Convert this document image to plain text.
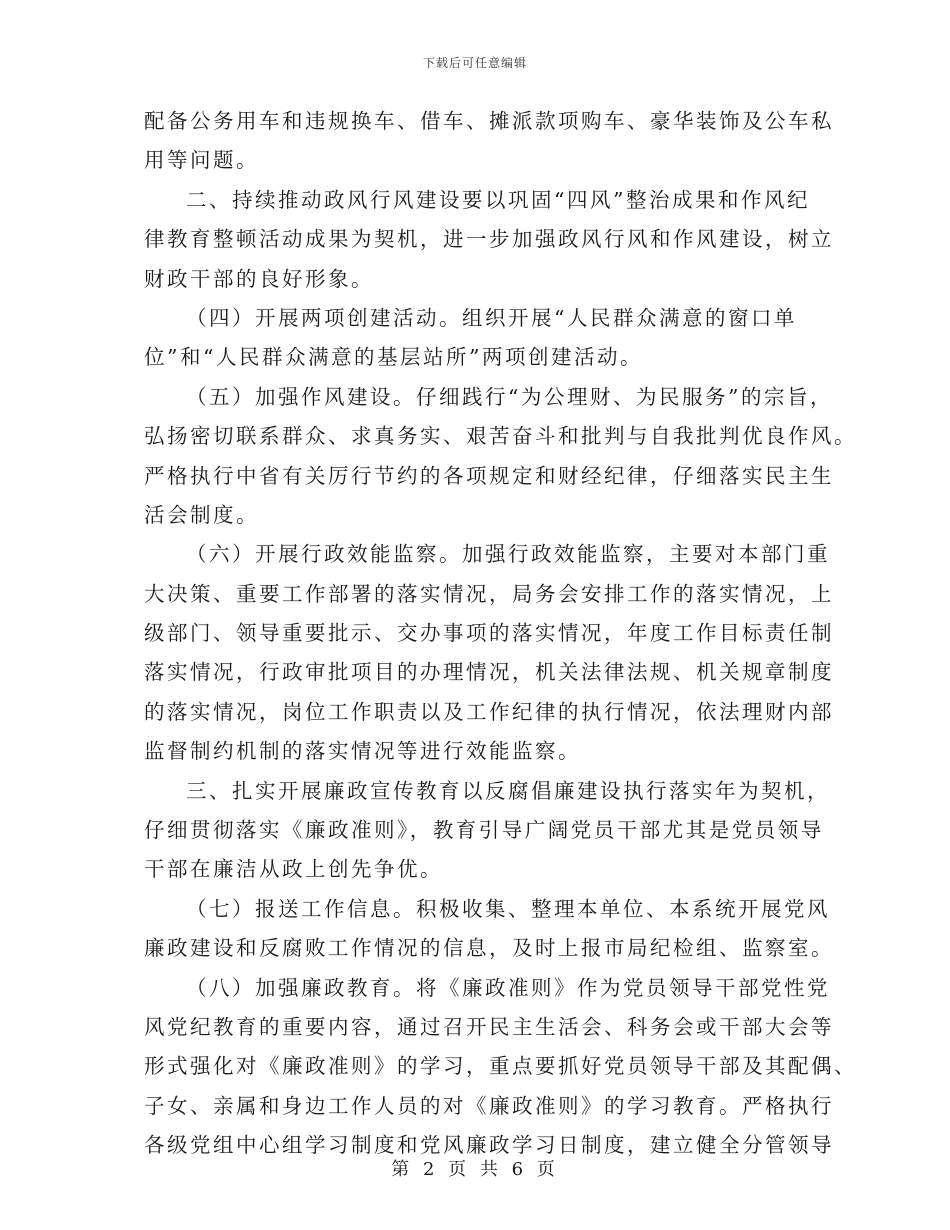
下载后可任意编辑
配备公务用车和违规换车、借车、摊派款项购车、豪华装饰及公车私
用等问题。
二、持续推动政风行风建设要以巩固“四风”整治成果和作风纪
律教育整顿活动成果为契机，进一步加强政风行风和作风建设，树立
财政干部的良好形象。
（四）开展两项创建活动。组织开展“人民群众满意的窗口单
位”和“人民群众满意的基层站所”两项创建活动。
（五）加强作风建设。仔细践行“为公理财、为民服务”的宗旨，
弘扬密切联系群众、求真务实、艰苦奋斗和批判与自我批判优良作风。
严格执行中省有关厉行节约的各项规定和财经纪律，仔细落实民主生
活会制度。
（六）开展行政效能监察。加强行政效能监察，主要对本部门重
大决策、重要工作部署的落实情况，局务会安排工作的落实情况，上
级部门、领导重要批示、交办事项的落实情况，年度工作目标责任制
落实情况，行政审批项目的办理情况，机关法律法规、机关规章制度
的落实情况，岗位工作职责以及工作纪律的执行情况，依法理财内部
监督制约机制的落实情况等进行效能监察。
三、扎实开展廉政宣传教育以反腐倡廉建设执行落实年为契机，
仔细贯彻落实《廉政准则》，教育引导广阔党员干部尤其是党员领导
干部在廉洁从政上创先争优。
（七）报送工作信息。积极收集、整理本单位、本系统开展党风
廉政建设和反腐败工作情况的信息，及时上报市局纪检组、监察室。
（八）加强廉政教育。将《廉政准则》作为党员领导干部党性党
风党纪教育的重要内容，通过召开民主生活会、科务会或干部大会等
形式强化对《廉政准则》的学习，重点要抓好党员领导干部及其配偶、
子女、亲属和身边工作人员的对《廉政准则》的学习教育。严格执行
各级党组中心组学习制度和党风廉政学习日制度，建立健全分管领导
第 2 页 共 6 页
